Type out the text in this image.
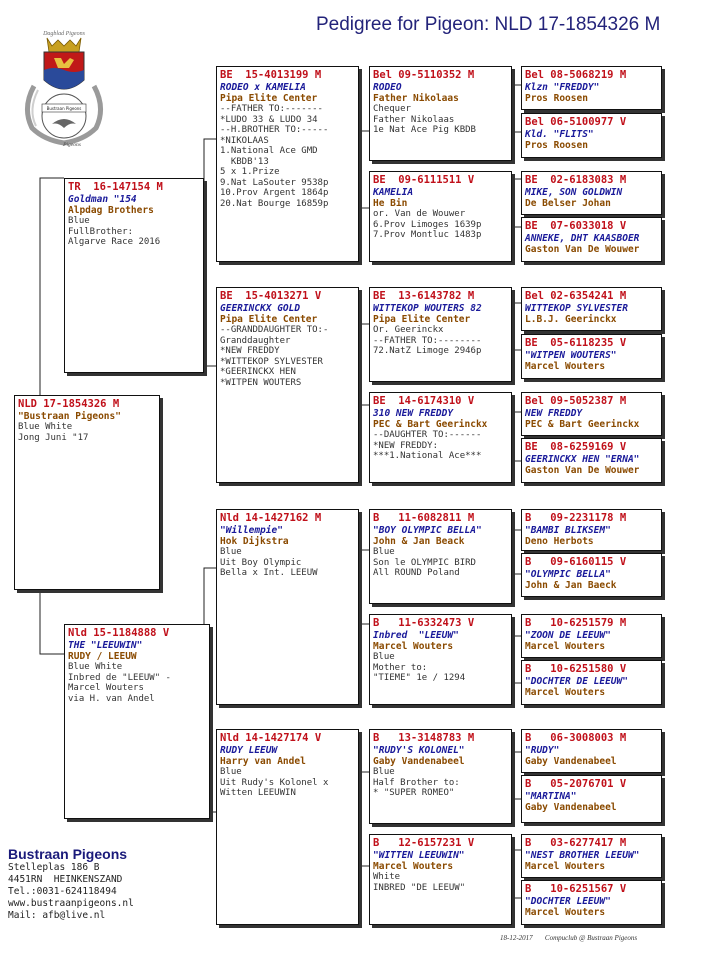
Pedigree for Pigeon: NLD 17-1854326 M
Dagblad Pigeons
Bustraan Pigeons
Pigeons
NLD 17-1854326 M
"Bustraan Pigeons"
Blue White
Jong Juni "17
TR  16-147154 M
Goldman "154
Alpdag Brothers
Blue
FullBrother:
Algarve Race 2016
Nld 15-1184888 V
THE "LEEUWIN"
RUDY / LEEUW
Blue White
Inbred de "LEEUW" -
Marcel Wouters
via H. van Andel
BE  15-4013199 M
RODEO x KAMELIA
Pipa Elite Center
--FATHER TO:-------
*LUDO 33 & LUDO 34
--H.BROTHER TO:-----
*NIKOLAAS
1.National Ace GMD
KBDB'13
5 x 1.Prize
9.Nat LaSouter 9538p
10.Prov Argent 1864p
20.Nat Bourge 16859p
BE  15-4013271 V
GEERINCKX GOLD
Pipa Elite Center
--GRANDDAUGHTER TO:-
Granddaughter
*NEW FREDDY
*WITTEKOP SYLVESTER
*GEERINCKX HEN
*WITPEN WOUTERS
Nld 14-1427162 M
"Willempie"
Hok Dijkstra
Blue
Uit Boy Olympic
Bella x Int. LEEUW
Nld 14-1427174 V
RUDY LEEUW
Harry van Andel
Blue
Uit Rudy's Kolonel x
Witten LEEUWIN
Bel 09-5110352 M
RODEO
Father Nikolaas
Chequer
Father Nikolaas
1e Nat Ace Pig KBDB
BE  09-6111511 V
KAMELIA
He Bin
or. Van de Wouwer
6.Prov Limoges 1639p
7.Prov Montluc 1483p
BE  13-6143782 M
WITTEKOP WOUTERS 82
Pipa Elite Center
Or. Geerinckx
--FATHER TO:--------
72.NatZ Limoge 2946p
BE  14-6174310 V
310 NEW FREDDY
PEC & Bart Geerinckx
--DAUGHTER TO:------
*NEW FREDDY:
***1.National Ace***
B   11-6082811 M
"BOY OLYMPIC BELLA"
John & Jan Beack
Blue
Son le OLYMPIC BIRD
All ROUND Poland
B   11-6332473 V
Inbred  "LEEUW"
Marcel Wouters
Blue
Mother to:
"TIEME" 1e / 1294
B   13-3148783 M
"RUDY'S KOLONEL"
Gaby Vandenabeel
Blue
Half Brother to:
* "SUPER ROMEO"
B   12-6157231 V
"WITTEN LEEUWIN"
Marcel Wouters
White
INBRED "DE LEEUW"
Bel 08-5068219 M
Klzn "FREDDY"
Pros Roosen
Bel 06-5100977 V
Kld. "FLITS"
Pros Roosen
BE  02-6183083 M
MIKE, SON GOLDWIN
De Belser Johan
BE  07-6033018 V
ANNEKE, DHT KAASBOER
Gaston Van De Wouwer
Bel 02-6354241 M
WITTEKOP SYLVESTER
L.B.J. Geerinckx
BE  05-6118235 V
"WITPEN WOUTERS"
Marcel Wouters
Bel 09-5052387 M
NEW FREDDY
PEC & Bart Geerinckx
BE  08-6259169 V
GEERINCKX HEN "ERNA"
Gaston Van De Wouwer
B   09-2231178 M
"BAMBI BLIKSEM"
Deno Herbots
B   09-6160115 V
"OLYMPIC BELLA"
John & Jan Baeck
B   10-6251579 M
"ZOON DE LEEUW"
Marcel Wouters
B   10-6251580 V
"DOCHTER DE LEEUW"
Marcel Wouters
B   06-3008003 M
"RUDY"
Gaby Vandenabeel
B   05-2076701 V
"MARTINA"
Gaby Vandenabeel
B   03-6277417 M
"NEST BROTHER LEEUW"
Marcel Wouters
B   10-6251567 V
"DOCHTER LEEUW"
Marcel Wouters
Bustraan Pigeons
Stelleplas 186 B
4451RN  HEINKENSZAND
Tel.:0031-624118494
www.bustraanpigeons.nl
Mail: afb@live.nl
18-12-2017       Compuclub @ Bustraan Pigeons
